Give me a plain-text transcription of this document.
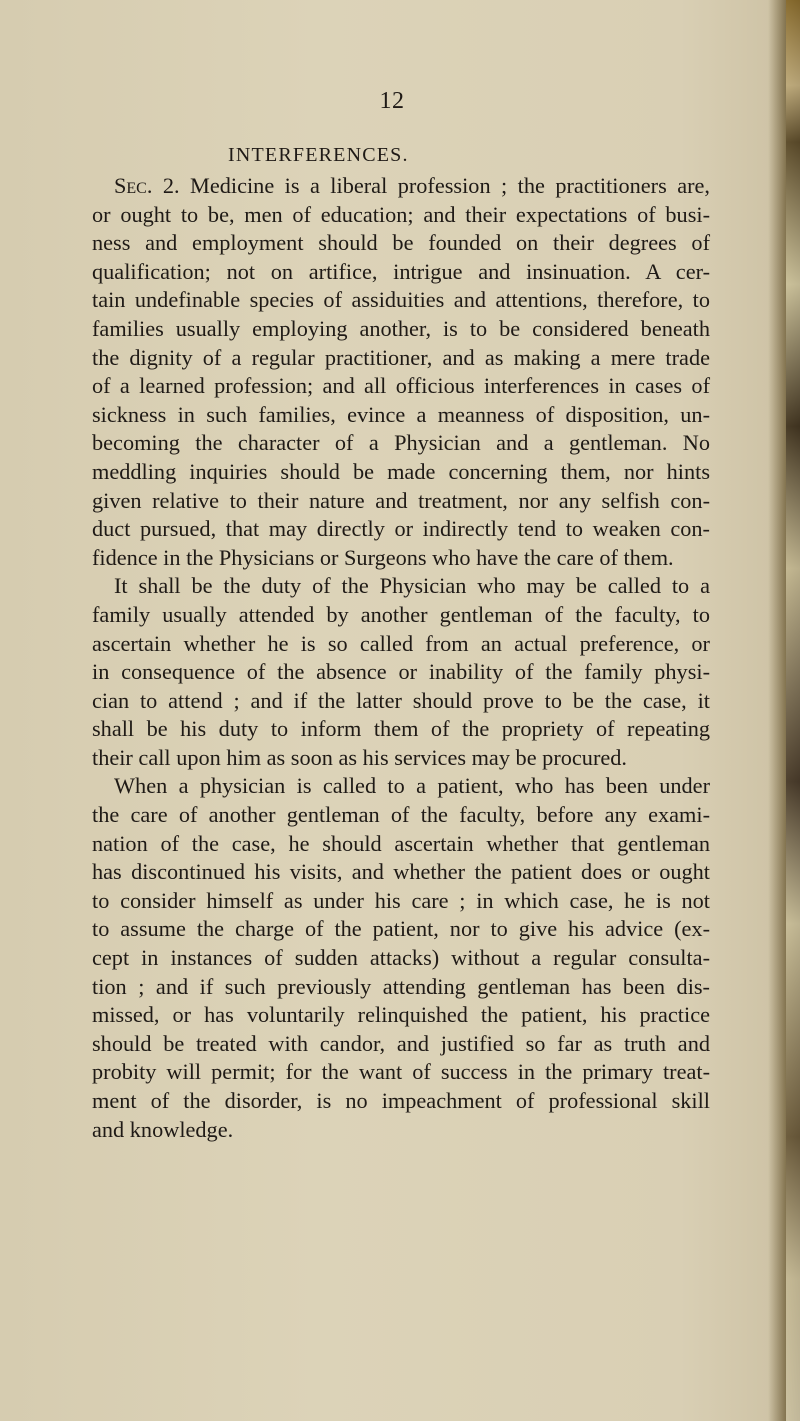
12
INTERFERENCES.
Sec. 2. Medicine is a liberal profession ; the practitioners are,
or ought to be, men of education; and their expectations of busi-
ness and employment should be founded on their degrees of
qualification; not on artifice, intrigue and insinuation. A cer-
tain undefinable species of assiduities and attentions, therefore, to
families usually employing another, is to be considered beneath
the dignity of a regular practitioner, and as making a mere trade
of a learned profession; and all officious interferences in cases of
sickness in such families, evince a meanness of disposition, un-
becoming the character of a Physician and a gentleman. No
meddling inquiries should be made concerning them, nor hints
given relative to their nature and treatment, nor any selfish con-
duct pursued, that may directly or indirectly tend to weaken con-
fidence in the Physicians or Surgeons who have the care of them.
It shall be the duty of the Physician who may be called to a
family usually attended by another gentleman of the faculty, to
ascertain whether he is so called from an actual preference, or
in consequence of the absence or inability of the family physi-
cian to attend ; and if the latter should prove to be the case, it
shall be his duty to inform them of the propriety of repeating
their call upon him as soon as his services may be procured.
When a physician is called to a patient, who has been under
the care of another gentleman of the faculty, before any exami-
nation of the case, he should ascertain whether that gentleman
has discontinued his visits, and whether the patient does or ought
to consider himself as under his care ; in which case, he is not
to assume the charge of the patient, nor to give his advice (ex-
cept in instances of sudden attacks) without a regular consulta-
tion ; and if such previously attending gentleman has been dis-
missed, or has voluntarily relinquished the patient, his practice
should be treated with candor, and justified so far as truth and
probity will permit; for the want of success in the primary treat-
ment of the disorder, is no impeachment of professional skill
and knowledge.
